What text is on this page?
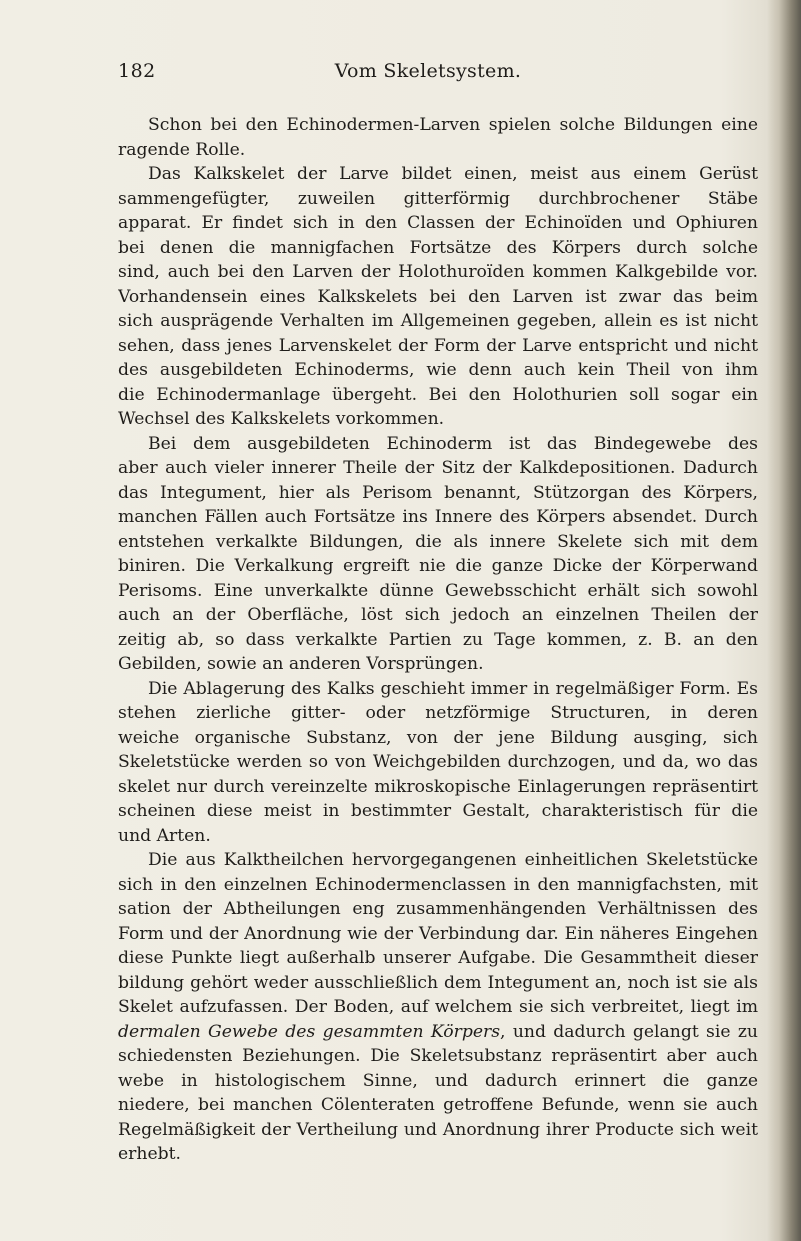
182	Vom Skeletsystem.
Schon bei den Echinodermen-Larven spielen solche Bildungen eine
ragende Rolle.
Das Kalkskelet der Larve bildet einen, meist aus einem Gerüst
sammengefügter, zuweilen gitterförmig durchbrochener Stäbe
apparat. Er findet sich in den Classen der Echinoïden und Ophiuren
bei denen die mannigfachen Fortsätze des Körpers durch solche
sind, auch bei den Larven der Holothuroïden kommen Kalkgebilde vor.
Vorhandensein eines Kalkskelets bei den Larven ist zwar das beim
sich ausprägende Verhalten im Allgemeinen gegeben, allein es ist nicht
sehen, dass jenes Larvenskelet der Form der Larve entspricht und nicht
des ausgebildeten Echinoderms, wie denn auch kein Theil von ihm
die Echinodermanlage übergeht. Bei den Holothurien soll sogar ein
Wechsel des Kalkskelets vorkommen.
Bei dem ausgebildeten Echinoderm ist das Bindegewebe des
aber auch vieler innerer Theile der Sitz der Kalkdepositionen. Dadurch
das Integument, hier als Perisom benannt, Stützorgan des Körpers,
manchen Fällen auch Fortsätze ins Innere des Körpers absendet. Durch
entstehen verkalkte Bildungen, die als innere Skelete sich mit dem
biniren. Die Verkalkung ergreift nie die ganze Dicke der Körperwand
Perisoms. Eine unverkalkte dünne Gewebsschicht erhält sich sowohl
auch an der Oberfläche, löst sich jedoch an einzelnen Theilen der
zeitig ab, so dass verkalkte Partien zu Tage kommen, z. B. an den
Gebilden, sowie an anderen Vorsprüngen.
Die Ablagerung des Kalks geschieht immer in regelmäßiger Form. Es
stehen zierliche gitter- oder netzförmige Structuren, in deren
weiche organische Substanz, von der jene Bildung ausging, sich
Skeletstücke werden so von Weichgebilden durchzogen, und da, wo das
skelet nur durch vereinzelte mikroskopische Einlagerungen repräsentirt
scheinen diese meist in bestimmter Gestalt, charakteristisch für die
und Arten.
Die aus Kalktheilchen hervorgegangenen einheitlichen Skeletstücke
sich in den einzelnen Echinodermenclassen in den mannigfachsten, mit
sation der Abtheilungen eng zusammenhängenden Verhältnissen des
Form und der Anordnung wie der Verbindung dar. Ein näheres Eingehen
diese Punkte liegt außerhalb unserer Aufgabe. Die Gesammtheit dieser
bildung gehört weder ausschließlich dem Integument an, noch ist sie als
Skelet aufzufassen. Der Boden, auf welchem sie sich verbreitet, liegt im
dermalen Gewebe des gesammten Körpers, und dadurch gelangt sie zu
schiedensten Beziehungen. Die Skeletsubstanz repräsentirt aber auch
webe in histologischem Sinne, und dadurch erinnert die ganze
niedere, bei manchen Cölenteraten getroffene Befunde, wenn sie auch
Regelmäßigkeit der Vertheilung und Anordnung ihrer Producte sich weit
erhebt.
